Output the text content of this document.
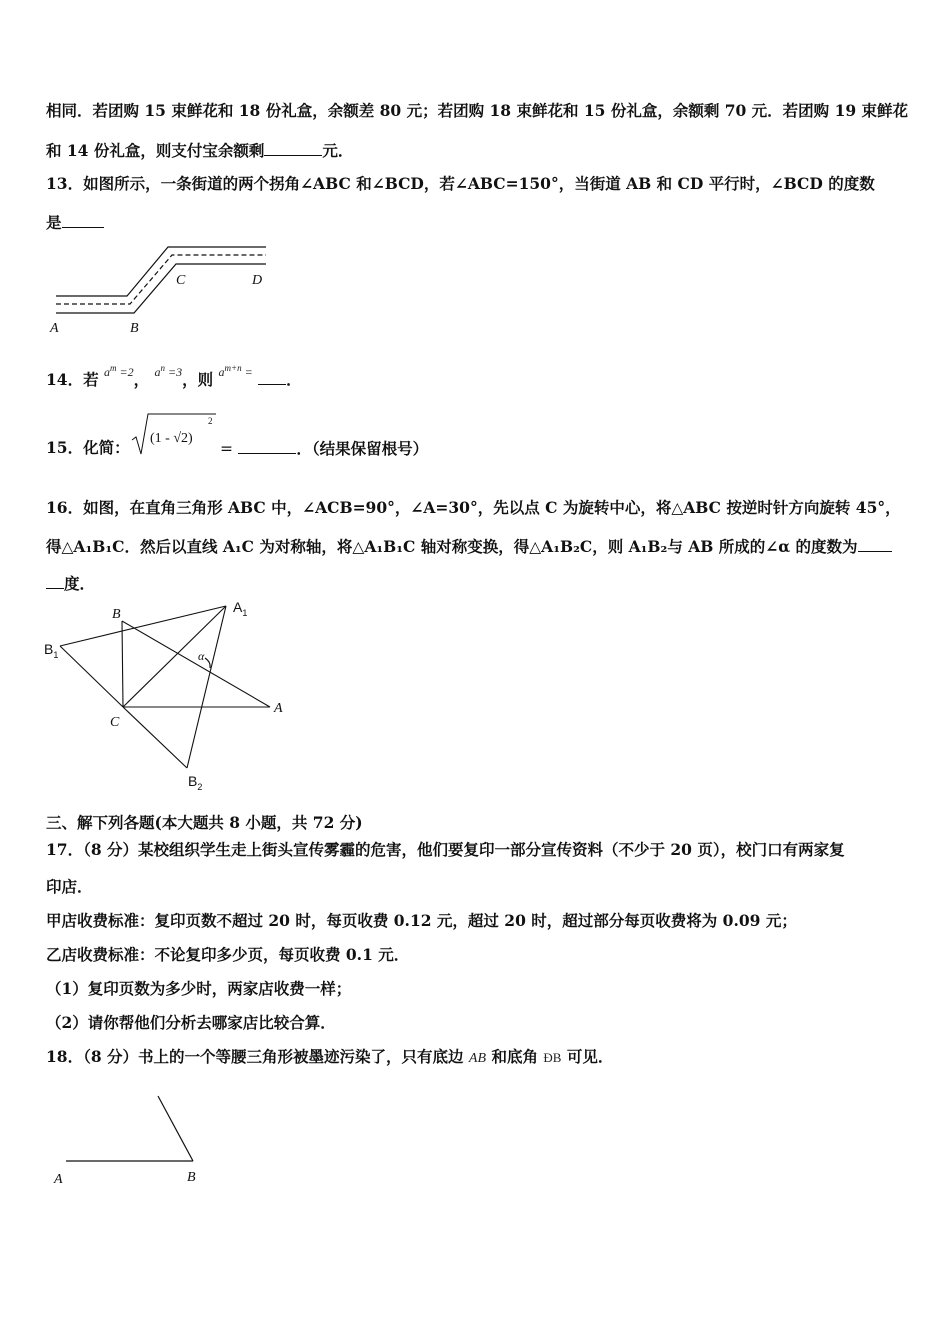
相同．若团购 15 束鲜花和 18 份礼盒，余额差 80 元；若团购 18 束鲜花和 15 份礼盒，余额剩 70 元．若团购 19 束鲜花
和 14 份礼盒，则支付宝余额剩	元．
13．如图所示，一条街道的两个拐角∠ABC 和∠BCD，若∠ABC=150°，当街道 AB 和 CD 平行时，∠BCD 的度数
是
A	B
C	D
14．若 $^{a^m =2}$， $^{a^n =3}$，则 $^{a^{m+n} =}$ ．
15．化简：	(1 - √2)
2
=	．（结果保留根号）
16．如图，在直角三角形 ABC 中，∠ACB=90°，∠A=30°，先以点 C 为旋转中心，将△ABC 按逆时针方向旋转 45°，
得△A₁B₁C．然后以直线 A₁C 为对称轴，将△A₁B₁C 轴对称变换，得△A₁B₂C，则 A₁B₂与 AB 所成的∠α 的度数为
度．
B	$A_1$
$B_1$	α
C
A
$B_2$
三、解下列各题(本大题共 8 小题，共 72 分)
17．（8 分）某校组织学生走上街头宣传雾霾的危害，他们要复印一部分宣传资料（不少于 20 页），校门口有两家复
印店．
甲店收费标准：复印页数不超过 20 时，每页收费 0.12 元，超过 20 时，超过部分每页收费将为 0.09 元；
乙店收费标准：不论复印多少页，每页收费 0.1 元．
（1）复印页数为多少时，两家店收费一样；
（2）请你帮他们分析去哪家店比较合算．
18．（8 分）书上的一个等腰三角形被墨迹污染了，只有底边 AB 和底角 ÐB 可见．
A	B
